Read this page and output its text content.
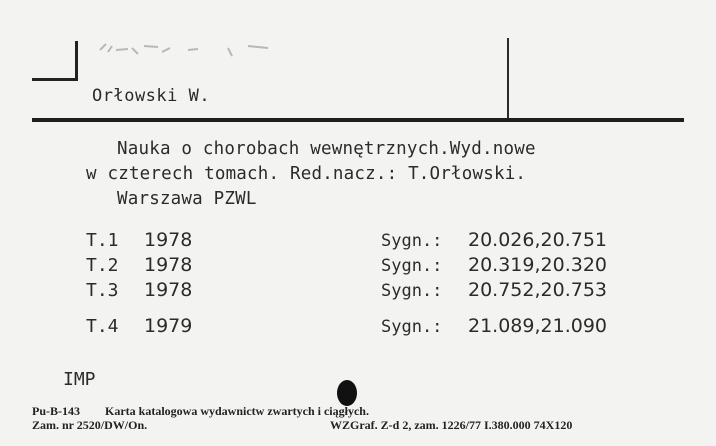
Orłowski W.
Nauka o chorobach wewnętrznych.Wyd.nowe
w czterech tomach. Red.nacz.: T.Orłowski.
Warszawa PZWL
T.1 1978	Sygn.: 20.026,20.751
T.2 1978	Sygn.: 20.319,20.320
T.3 1978	Sygn.: 20.752,20.753
T.4 1979	Sygn.: 21.089,21.090
IMP
Pu-B-143 Karta katalogowa wydawnictw zwartych i ciągłych.
Zam. nr 2520/DW/On.	WZGraf. Z-d 2, zam. 1226/77 I.380.000 74X120
